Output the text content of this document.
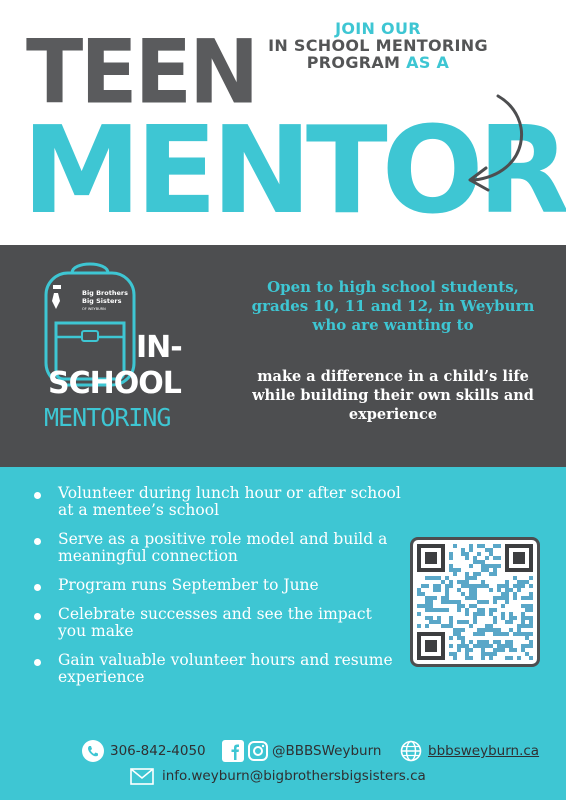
JOIN OUR
IN SCHOOL MENTORING
PROGRAM AS A
TEEN
MENTOR
Big Brothers
Big Sisters
OF WEYBURN
IN-
SCHOOL
MENTORING
Open to high school students, grades 10, 11 and 12, in Weyburn who are wanting to
make a difference in a child’s life while building their own skills and experience
Volunteer during lunch hour or after school at a mentee’s school
Serve as a positive role model and build a meaningful connection
Program runs September to June
Celebrate successes and see the impact you make
Gain valuable volunteer hours and resume experience
306-842-4050	@BBBSWeyburn	bbbsweyburn.ca
info.weyburn@bigbrothersbigsisters.ca
